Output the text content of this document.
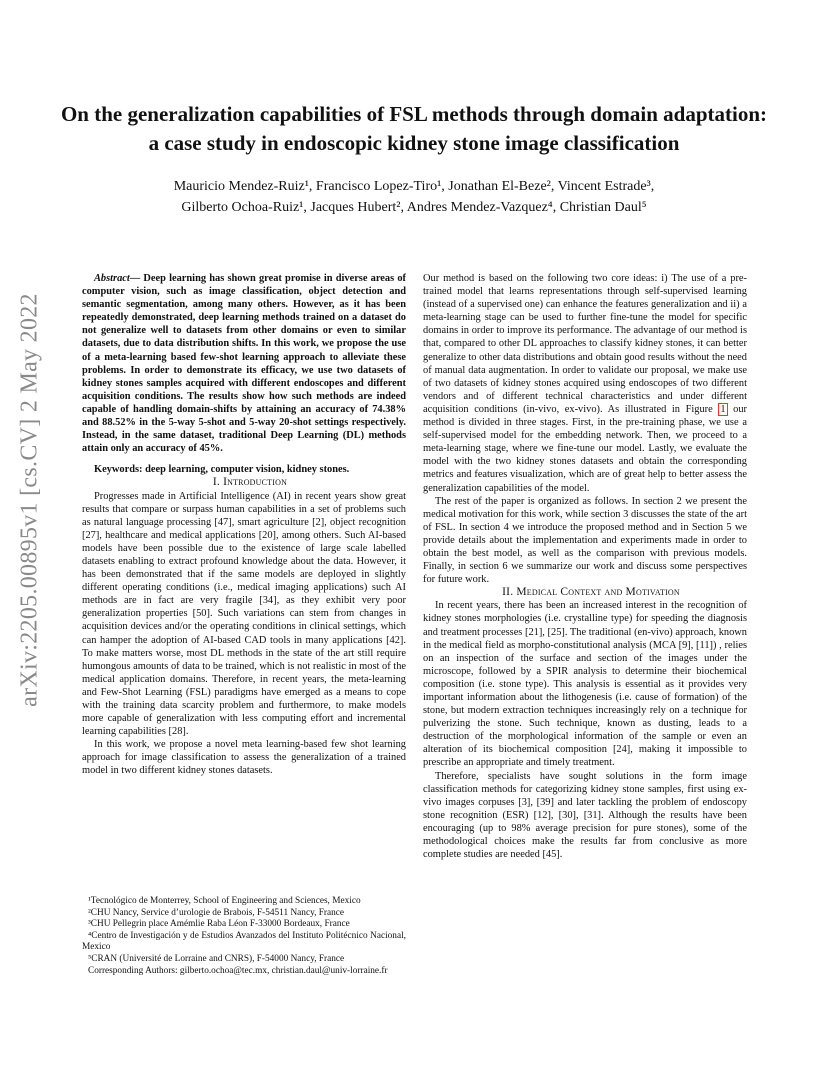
On the generalization capabilities of FSL methods through domain adaptation: a case study in endoscopic kidney stone image classification
Mauricio Mendez-Ruiz¹, Francisco Lopez-Tiro¹, Jonathan El-Beze², Vincent Estrade³,
Gilberto Ochoa-Ruiz¹, Jacques Hubert², Andres Mendez-Vazquez⁴, Christian Daul⁵
arXiv:2205.00895v1 [cs.CV] 2 May 2022

Abstract— Deep learning has shown great promise in diverse areas of computer vision, such as image classification, object detection and semantic segmentation, among many others. However, as it has been repeatedly demonstrated, deep learning methods trained on a dataset do not generalize well to datasets from other domains or even to similar datasets, due to data distribution shifts. In this work, we propose the use of a meta-learning based few-shot learning approach to alleviate these problems. In order to demonstrate its efficacy, we use two datasets of kidney stones samples acquired with different endoscopes and different acquisition conditions. The results show how such methods are indeed capable of handling domain-shifts by attaining an accuracy of 74.38% and 88.52% in the 5-way 5-shot and 5-way 20-shot settings respectively. Instead, in the same dataset, traditional Deep Learning (DL) methods attain only an accuracy of 45%.

Keywords: deep learning, computer vision, kidney stones.

I. Introduction

Progresses made in Artificial Intelligence (AI) in recent years show great results that compare or surpass human capabilities in a set of problems such as natural language processing [47], smart agriculture [2], object recognition [27], healthcare and medical applications [20], among others. Such AI-based models have been possible due to the existence of large scale labelled datasets enabling to extract profound knowledge about the data. However, it has been demonstrated that if the same models are deployed in slightly different operating conditions (i.e., medical imaging applications) such AI methods are in fact are very fragile [34], as they exhibit very poor generalization properties [50]. Such variations can stem from changes in acquisition devices and/or the operating conditions in clinical settings, which can hamper the adoption of AI-based CAD tools in many applications [42]. To make matters worse, most DL methods in the state of the art still require humongous amounts of data to be trained, which is not realistic in most of the medical application domains. Therefore, in recent years, the meta-learning and Few-Shot Learning (FSL) paradigms have emerged as a means to cope with the training data scarcity problem and furthermore, to make models more capable of generalization with less computing effort and incremental learning capabilities [28].

In this work, we propose a novel meta learning-based few shot learning approach for image classification to assess the generalization of a trained model in two different kidney stones datasets.

¹Tecnológico de Monterrey, School of Engineering and Sciences, Mexico

²CHU Nancy, Service d’urologie de Brabois, F-54511 Nancy, France

³CHU Pellegrin place Amémlie Raba Léon F-33000 Bordeaux, France

⁴Centro de Investigación y de Estudios Avanzados del Instituto Politécnico Nacional, Mexico

⁵CRAN (Université de Lorraine and CNRS), F-54000 Nancy, France

Corresponding Authors: gilberto.ochoa@tec.mx, christian.daul@univ-lorraine.fr

Our method is based on the following two core ideas: i) The use of a pre-trained model that learns representations through self-supervised learning (instead of a supervised one) can enhance the features generalization and ii) a meta-learning stage can be used to further fine-tune the model for specific domains in order to improve its performance. The advantage of our method is that, compared to other DL approaches to classify kidney stones, it can better generalize to other data distributions and obtain good results without the need of manual data augmentation. In order to validate our proposal, we make use of two datasets of kidney stones acquired using endoscopes of two different vendors and of different technical characteristics and under different acquisition conditions (in-vivo, ex-vivo). As illustrated in Figure 1 our method is divided in three stages. First, in the pre-training phase, we use a self-supervised model for the embedding network. Then, we proceed to a meta-learning stage, where we fine-tune our model. Lastly, we evaluate the model with the two kidney stones datasets and obtain the corresponding metrics and features visualization, which are of great help to better assess the generalization capabilities of the model.

The rest of the paper is organized as follows. In section 2 we present the medical motivation for this work, while section 3 discusses the state of the art of FSL. In section 4 we introduce the proposed method and in Section 5 we provide details about the implementation and experiments made in order to obtain the best model, as well as the comparison with previous models. Finally, in section 6 we summarize our work and discuss some perspectives for future work.

II. Medical Context and Motivation

In recent years, there has been an increased interest in the recognition of kidney stones morphologies (i.e. crystalline type) for speeding the diagnosis and treatment processes [21], [25]. The traditional (en-vivo) approach, known in the medical field as morpho-constitutional analysis (MCA [9], [11]) , relies on an inspection of the surface and section of the images under the microscope, followed by a SPIR analysis to determine their biochemical composition (i.e. stone type). This analysis is essential as it provides very important information about the lithogenesis (i.e. cause of formation) of the stone, but modern extraction techniques increasingly rely on a technique for pulverizing the stone. Such technique, known as dusting, leads to a destruction of the morphological information of the sample or even an alteration of its biochemical composition [24], making it impossible to prescribe an appropriate and timely treatment.

Therefore, specialists have sought solutions in the form image classification methods for categorizing kidney stone samples, first using ex-vivo images corpuses [3], [39] and later tackling the problem of endoscopy stone recognition (ESR) [12], [30], [31]. Although the results have been encouraging (up to 98% average precision for pure stones), some of the methodological choices make the results far from conclusive as more complete studies are needed [45].
